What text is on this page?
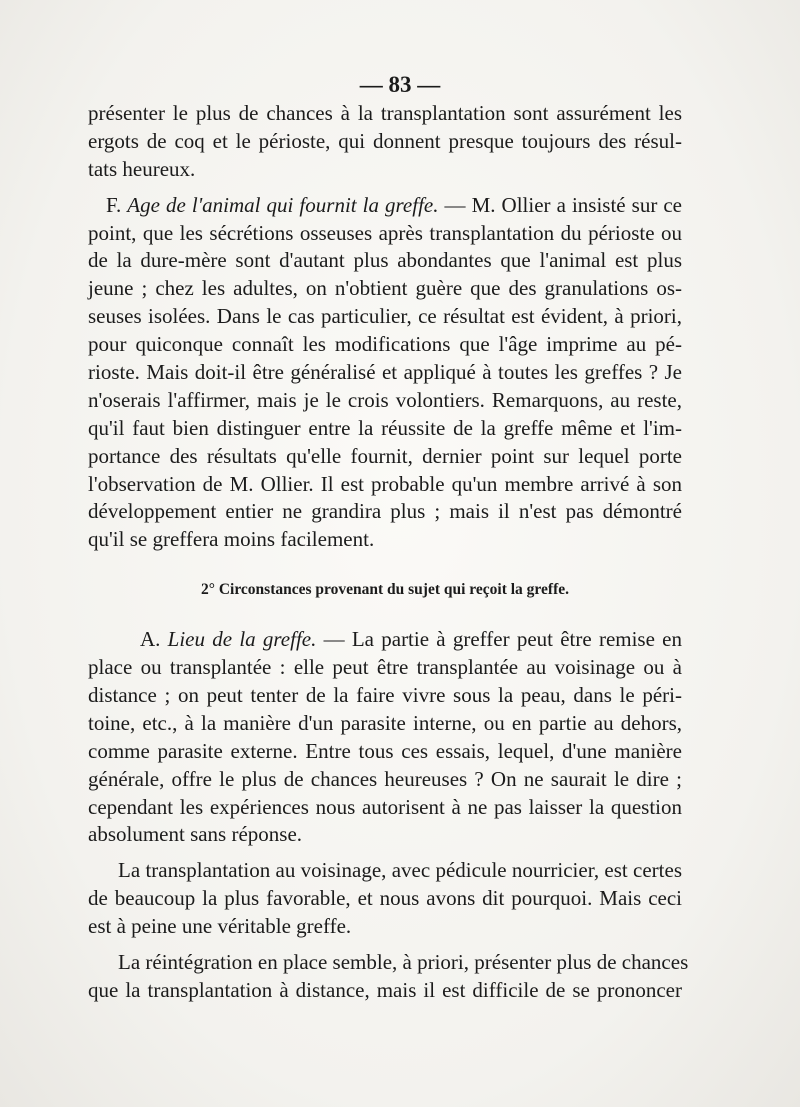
— 83 —
présenter le plus de chances à la transplantation sont assurément les
ergots de coq et le périoste, qui donnent presque toujours des résul-
tats heureux.
F. Age de l'animal qui fournit la greffe. — M. Ollier a insisté sur ce
point, que les sécrétions osseuses après transplantation du périoste ou
de la dure-mère sont d'autant plus abondantes que l'animal est plus
jeune ; chez les adultes, on n'obtient guère que des granulations os-
seuses isolées. Dans le cas particulier, ce résultat est évident, à priori,
pour quiconque connaît les modifications que l'âge imprime au pé-
rioste. Mais doit-il être généralisé et appliqué à toutes les greffes ? Je
n'oserais l'affirmer, mais je le crois volontiers. Remarquons, au reste,
qu'il faut bien distinguer entre la réussite de la greffe même et l'im-
portance des résultats qu'elle fournit, dernier point sur lequel porte
l'observation de M. Ollier. Il est probable qu'un membre arrivé à son
développement entier ne grandira plus ; mais il n'est pas démontré
qu'il se greffera moins facilement.
2° Circonstances provenant du sujet qui reçoit la greffe.
A. Lieu de la greffe. — La partie à greffer peut être remise en
place ou transplantée : elle peut être transplantée au voisinage ou à
distance ; on peut tenter de la faire vivre sous la peau, dans le péri-
toine, etc., à la manière d'un parasite interne, ou en partie au dehors,
comme parasite externe. Entre tous ces essais, lequel, d'une manière
générale, offre le plus de chances heureuses ? On ne saurait le dire ;
cependant les expériences nous autorisent à ne pas laisser la question
absolument sans réponse.
La transplantation au voisinage, avec pédicule nourricier, est certes
de beaucoup la plus favorable, et nous avons dit pourquoi. Mais ceci
est à peine une véritable greffe.
La réintégration en place semble, à priori, présenter plus de chances
que la transplantation à distance, mais il est difficile de se prononcer
